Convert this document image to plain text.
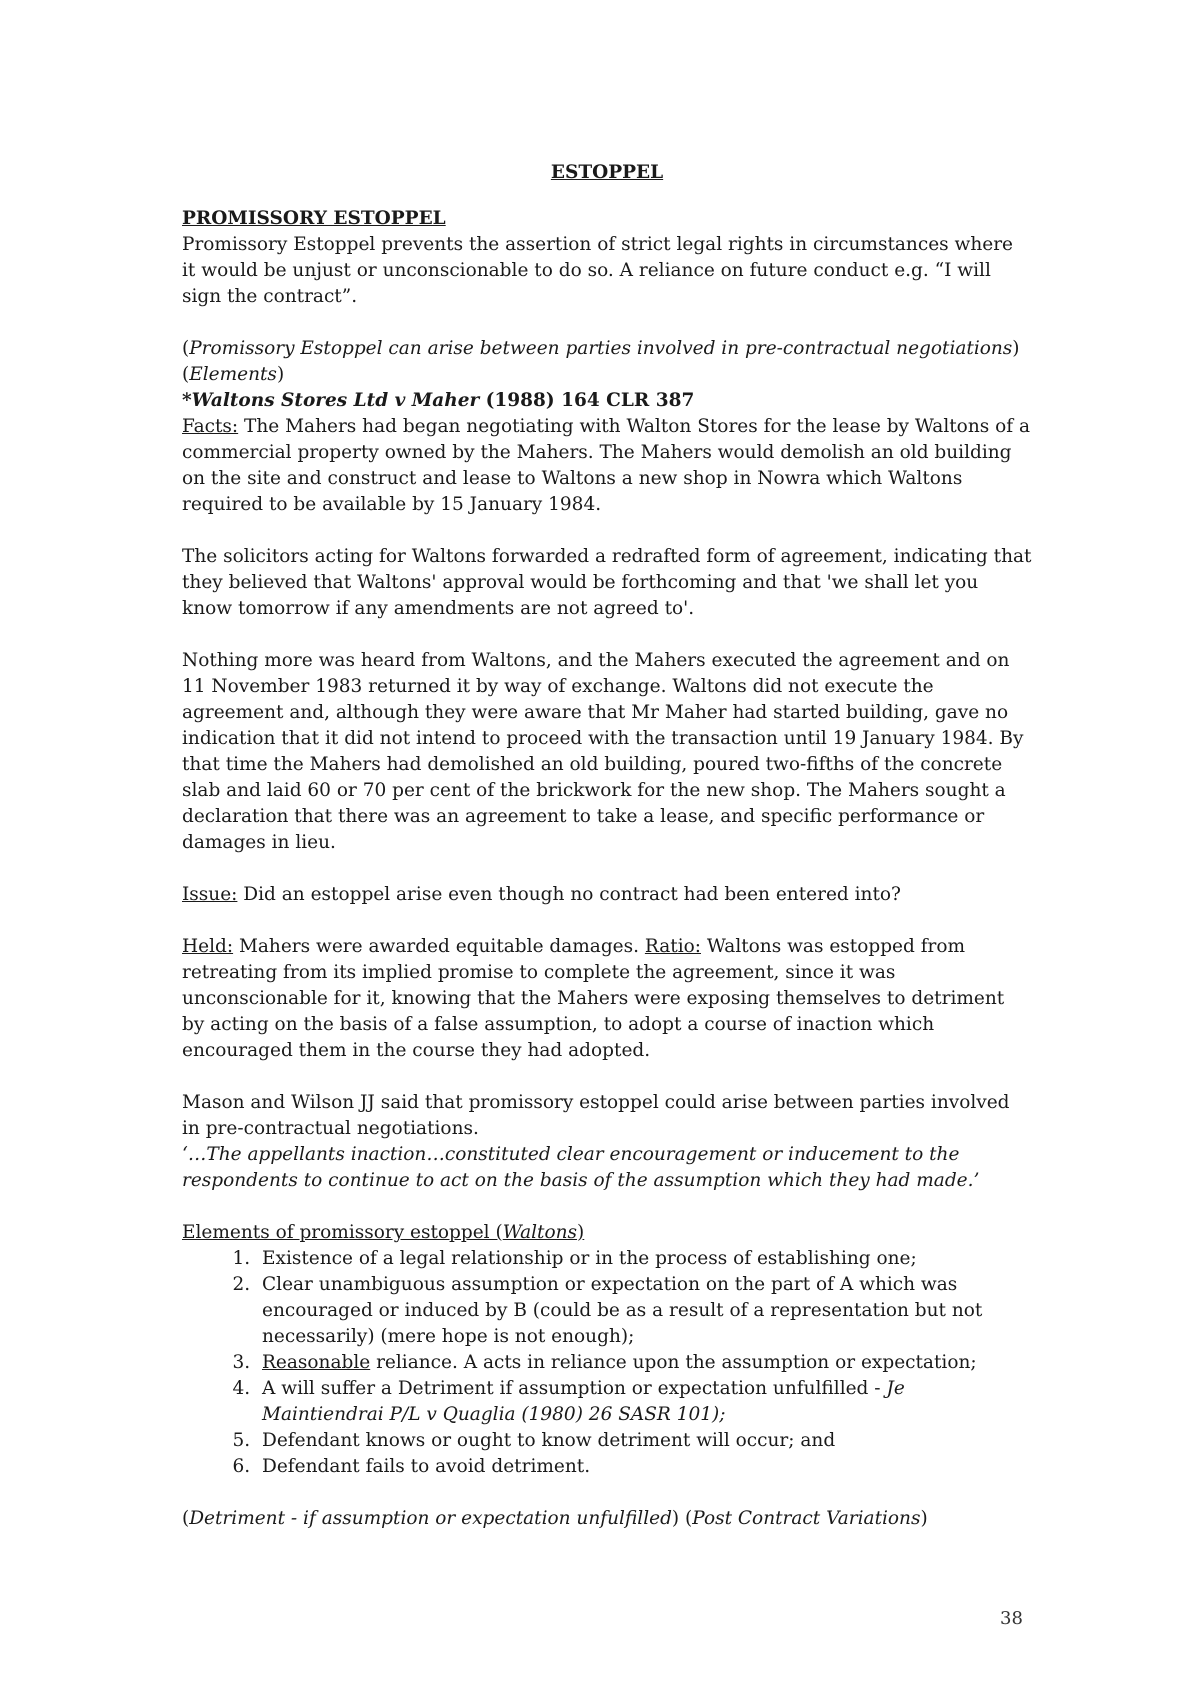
ESTOPPEL

PROMISSORY ESTOPPEL

Promissory Estoppel prevents the assertion of strict legal rights in circumstances where it would be unjust or unconscionable to do so. A reliance on future conduct e.g. “I will sign the contract”.

(Promissory Estoppel can arise between parties involved in pre-contractual negotiations)(Elements)

*Waltons Stores Ltd v Maher (1988) 164 CLR 387

Facts: The Mahers had began negotiating with Walton Stores for the lease by Waltons of a commercial property owned by the Mahers. The Mahers would demolish an old building on the site and construct and lease to Waltons a new shop in Nowra which Waltons required to be available by 15 January 1984.

The solicitors acting for Waltons forwarded a redrafted form of agreement, indicating that they believed that Waltons' approval would be forthcoming and that 'we shall let you know tomorrow if any amendments are not agreed to'.

Nothing more was heard from Waltons, and the Mahers executed the agreement and on 11 November 1983 returned it by way of exchange. Waltons did not execute the agreement and, although they were aware that Mr Maher had started building, gave no indication that it did not intend to proceed with the transaction until 19 January 1984. By that time the Mahers had demolished an old building, poured two-fifths of the concrete slab and laid 60 or 70 per cent of the brickwork for the new shop. The Mahers sought a declaration that there was an agreement to take a lease, and specific performance or damages in lieu.

Issue: Did an estoppel arise even though no contract had been entered into?

Held: Mahers were awarded equitable damages. Ratio: Waltons was estopped from retreating from its implied promise to complete the agreement, since it was unconscionable for it, knowing that the Mahers were exposing themselves to detriment by acting on the basis of a false assumption, to adopt a course of inaction which encouraged them in the course they had adopted.

Mason and Wilson JJ said that promissory estoppel could arise between parties involved in pre-contractual negotiations.

‘…The appellants inaction…constituted clear encouragement or inducement to the respondents to continue to act on the basis of the assumption which they had made.’

Elements of promissory estoppel (Waltons)

1. Existence of a legal relationship or in the process of establishing one;
2. Clear unambiguous assumption or expectation on the part of A which was encouraged or induced by B (could be as a result of a representation but not necessarily) (mere hope is not enough);
3. Reasonable reliance. A acts in reliance upon the assumption or expectation;
4. A will suffer a Detriment if assumption or expectation unfulfilled - Je Maintiendrai P/L v Quaglia (1980) 26 SASR 101);
5. Defendant knows or ought to know detriment will occur; and
6. Defendant fails to avoid detriment.

(Detriment - if assumption or expectation unfulfilled) (Post Contract Variations)

38
